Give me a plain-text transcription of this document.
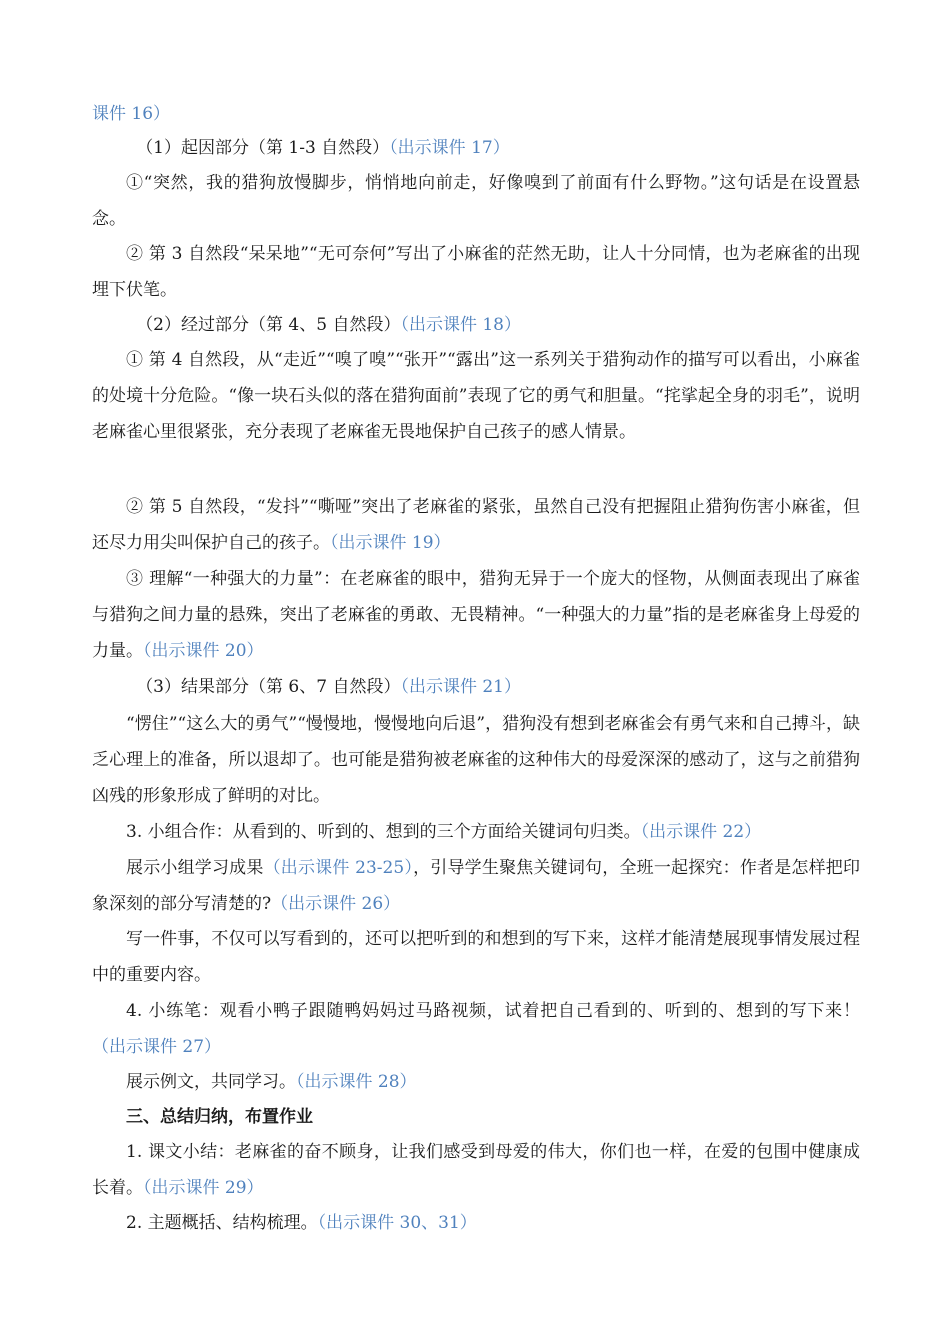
课件 16）

（1）起因部分（第 1-3 自然段）（出示课件 17）

①“突然，我的猎狗放慢脚步，悄悄地向前走，好像嗅到了前面有什么野物。”这句话是在设置悬念。

② 第 3 自然段“呆呆地”“无可奈何”写出了小麻雀的茫然无助，让人十分同情，也为老麻雀的出现埋下伏笔。

（2）经过部分（第 4、5 自然段）（出示课件 18）

① 第 4 自然段，从“走近”“嗅了嗅”“张开”“露出”这一系列关于猎狗动作的描写可以看出，小麻雀的处境十分危险。“像一块石头似的落在猎狗面前”表现了它的勇气和胆量。“挓挲起全身的羽毛”，说明老麻雀心里很紧张，充分表现了老麻雀无畏地保护自己孩子的感人情景。

② 第 5 自然段，“发抖”“嘶哑”突出了老麻雀的紧张，虽然自己没有把握阻止猎狗伤害小麻雀，但还尽力用尖叫保护自己的孩子。（出示课件 19）

③ 理解“一种强大的力量”：在老麻雀的眼中，猎狗无异于一个庞大的怪物，从侧面表现出了麻雀与猎狗之间力量的悬殊，突出了老麻雀的勇敢、无畏精神。“一种强大的力量”指的是老麻雀身上母爱的力量。（出示课件 20）

（3）结果部分（第 6、7 自然段）（出示课件 21）

“愣住”“这么大的勇气”“慢慢地，慢慢地向后退”，猎狗没有想到老麻雀会有勇气来和自己搏斗，缺乏心理上的准备，所以退却了。也可能是猎狗被老麻雀的这种伟大的母爱深深的感动了，这与之前猎狗凶残的形象形成了鲜明的对比。

3. 小组合作：从看到的、听到的、想到的三个方面给关键词句归类。（出示课件 22）

展示小组学习成果（出示课件 23-25），引导学生聚焦关键词句，全班一起探究：作者是怎样把印象深刻的部分写清楚的?（出示课件 26）

写一件事，不仅可以写看到的，还可以把听到的和想到的写下来，这样才能清楚展现事情发展过程中的重要内容。

4. 小练笔：观看小鸭子跟随鸭妈妈过马路视频，试着把自己看到的、听到的、想到的写下来！（出示课件 27）

展示例文，共同学习。（出示课件 28）

三、总结归纳，布置作业

1. 课文小结：老麻雀的奋不顾身，让我们感受到母爱的伟大，你们也一样，在爱的包围中健康成长着。（出示课件 29）

2. 主题概括、结构梳理。（出示课件 30、31）
